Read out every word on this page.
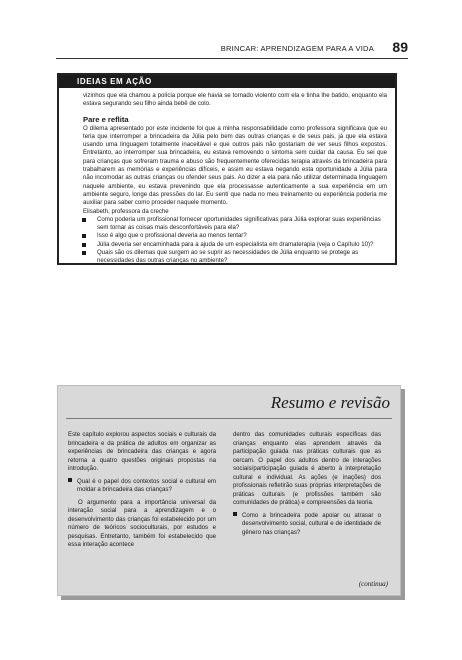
BRINCAR: APRENDIZAGEM PARA A VIDA 89
IDEIAS EM AÇÃO

vizinhos que ela chamou a polícia porque ele havia se tornado violento com ela e tinha lhe batido, enquanto ela estava segurando seu filho ainda bebê de colo.

Pare e reflita

O dilema apresentado por este incidente foi que a minha responsabilidade como professora significava que eu teria que interromper a brincadeira da Júlia pelo bem das outras crianças e de seus pais, já que ela estava usando uma linguagem totalmente inaceitável e que outros pais não gostariam de ver seus filhos expostos. Entretanto, ao interromper sua brincadeira, eu estava removendo o sintoma sem cuidar da causa. Eu sei que para crianças que sofreram trauma e abuso são frequentemente oferecidas terapia através da brincadeira para trabalharem as memórias e experiências difíceis, e assim eu estava negando esta oportunidade a Júlia para não incomodar as outras crianças ou ofender seus pais. Ao dizer a ela para não utilizar determinada linguagem naquele ambiente, eu estava prevenindo que ela processasse autenticamente a sua experiência em um ambiente seguro, longe das pressões do lar. Eu sentí que nada no meu treinamento ou experiência poderia me auxiliar para saber como proceder naquele momento.

Elisabeth, professora da creche

Como poderia um profissional fornecer oportunidades significativas para Júlia explorar suas experiências sem tornar as coisas mais desconfortáveis para ela?
Isso é algo que o profissional deveria ao menos tentar?
Júlia deveria ser encaminhada para a ajuda de um especialista em dramaterapia (veja o Capítulo 10)?
Quais são os dilemas que surgem ao se suprir as necessidades de Júlia enquanto se protege as necessidades das outras crianças no ambiente?
Resumo e revisão

Este capítulo explorou aspectos sociais e culturais da brincadeira e da prática de adultos em organizar as experiências de brincadeira das crianças e agora retorna a quatro questões originais propostas na introdução.

Qual é o papel dos contextos social e cultural em moldar a brincadeira das crianças?

O argumento para a importância universal da interação social para a aprendizagem e o desenvolvimento das crianças foi estabelecido por um número de teóricos socioculturais, por estudos e pesquisas. Entretanto, também foi estabelecido que essa interação acontece

dentro das comunidades culturais específicas das crianças enquanto elas aprendem através da participação guiada nas práticas culturais que as cercam. O papel dos adultos dentro de interações sociais/participação guiada é aberto à interpretação cultural e individual. As ações (e inações) dos profissionais refletirão suas próprias interpretações de práticas culturais (e profissões também são comunidades de prática) e compreensões da teoria.

Como a brincadeira pode apoiar ou atrasar o desenvolvimento social, cultural e de identidade de gênero nas crianças?

(continua)
